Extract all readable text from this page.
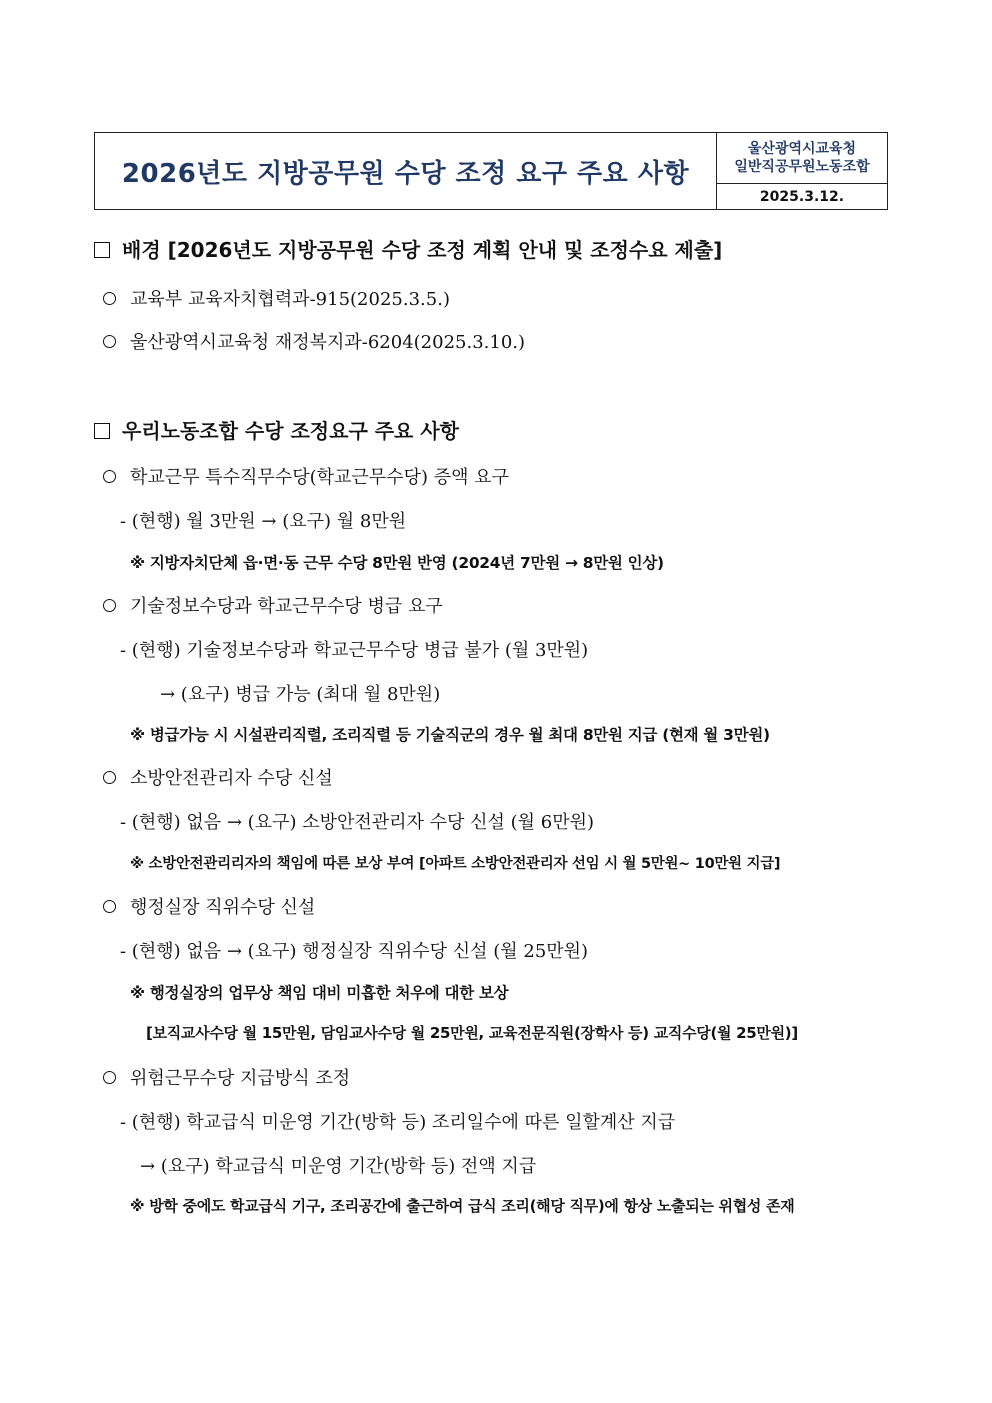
2026년도 지방공무원 수당 조정 요구 주요 사항
울산광역시교육청
일반직공무원노동조합
2025.3.12.
배경 [2026년도 지방공무원 수당 조정 계획 안내 및 조정수요 제출]
교육부 교육자치협력과-915(2025.3.5.)
울산광역시교육청 재정복지과-6204(2025.3.10.)
우리노동조합 수당 조정요구 주요 사항
학교근무 특수직무수당(학교근무수당) 증액 요구
- (현행) 월 3만원 → (요구) 월 8만원
※ 지방자치단체 읍·면·동 근무 수당 8만원 반영 (2024년 7만원 → 8만원 인상)
기술정보수당과 학교근무수당 병급 요구
- (현행) 기술정보수당과 학교근무수당 병급 불가 (월 3만원)
→ (요구) 병급 가능 (최대 월 8만원)
※ 병급가능 시 시설관리직렬, 조리직렬 등 기술직군의 경우 월 최대 8만원 지급 (현재 월 3만원)
소방안전관리자 수당 신설
- (현행) 없음 → (요구) 소방안전관리자 수당 신설 (월 6만원)
※ 소방안전관리리자의 책임에 따른 보상 부여 [아파트 소방안전관리자 선임 시 월 5만원~ 10만원 지급]
행정실장 직위수당 신설
- (현행) 없음 → (요구) 행정실장 직위수당 신설 (월 25만원)
※ 행정실장의 업무상 책임 대비 미흡한 처우에 대한 보상
[보직교사수당 월 15만원, 담임교사수당 월 25만원, 교육전문직원(장학사 등) 교직수당(월 25만원)]
위험근무수당 지급방식 조정
- (현행) 학교급식 미운영 기간(방학 등) 조리일수에 따른 일할계산 지급
→ (요구) 학교급식 미운영 기간(방학 등) 전액 지급
※ 방학 중에도 학교급식 기구, 조리공간에 출근하여 급식 조리(해당 직무)에 항상 노출되는 위협성 존재
